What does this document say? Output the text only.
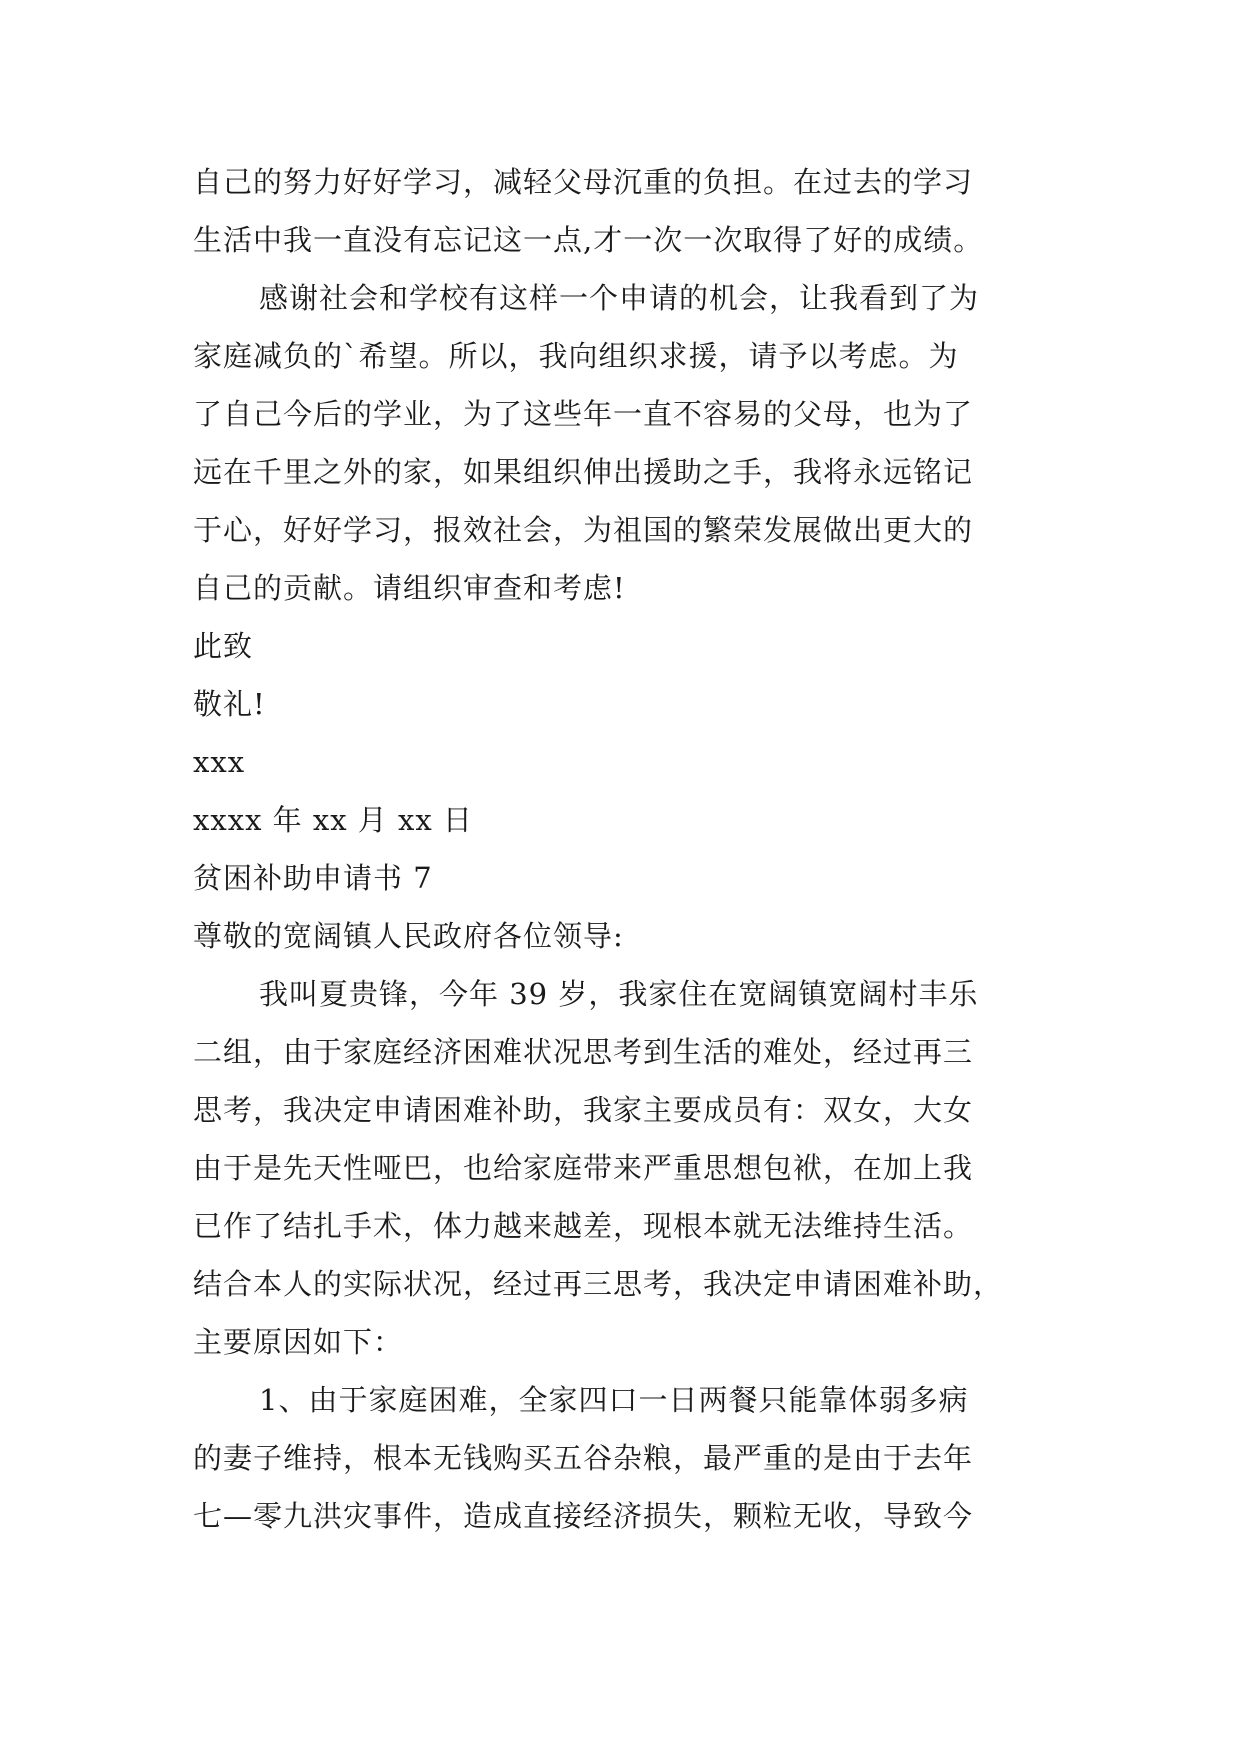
自己的努力好好学习，减轻父母沉重的负担。在过去的学习
生活中我一直没有忘记这一点,才一次一次取得了好的成绩。
感谢社会和学校有这样一个申请的机会，让我看到了为
家庭减负的`希望。所以，我向组织求援，请予以考虑。为
了自己今后的学业，为了这些年一直不容易的父母，也为了
远在千里之外的家，如果组织伸出援助之手，我将永远铭记
于心，好好学习，报效社会，为祖国的繁荣发展做出更大的
自己的贡献。请组织审查和考虑!
此致
敬礼!
xxx
xxxx 年 xx 月 xx 日
贫困补助申请书 7
尊敬的宽阔镇人民政府各位领导:
我叫夏贵锋，今年 39 岁，我家住在宽阔镇宽阔村丰乐
二组，由于家庭经济困难状况思考到生活的难处，经过再三
思考，我决定申请困难补助，我家主要成员有：双女，大女
由于是先天性哑巴，也给家庭带来严重思想包袱，在加上我
已作了结扎手术，体力越来越差，现根本就无法维持生活。
结合本人的实际状况，经过再三思考，我决定申请困难补助，
主要原因如下：
1、由于家庭困难，全家四口一日两餐只能靠体弱多病
的妻子维持，根本无钱购买五谷杂粮，最严重的是由于去年
七—零九洪灾事件，造成直接经济损失，颗粒无收，导致今
